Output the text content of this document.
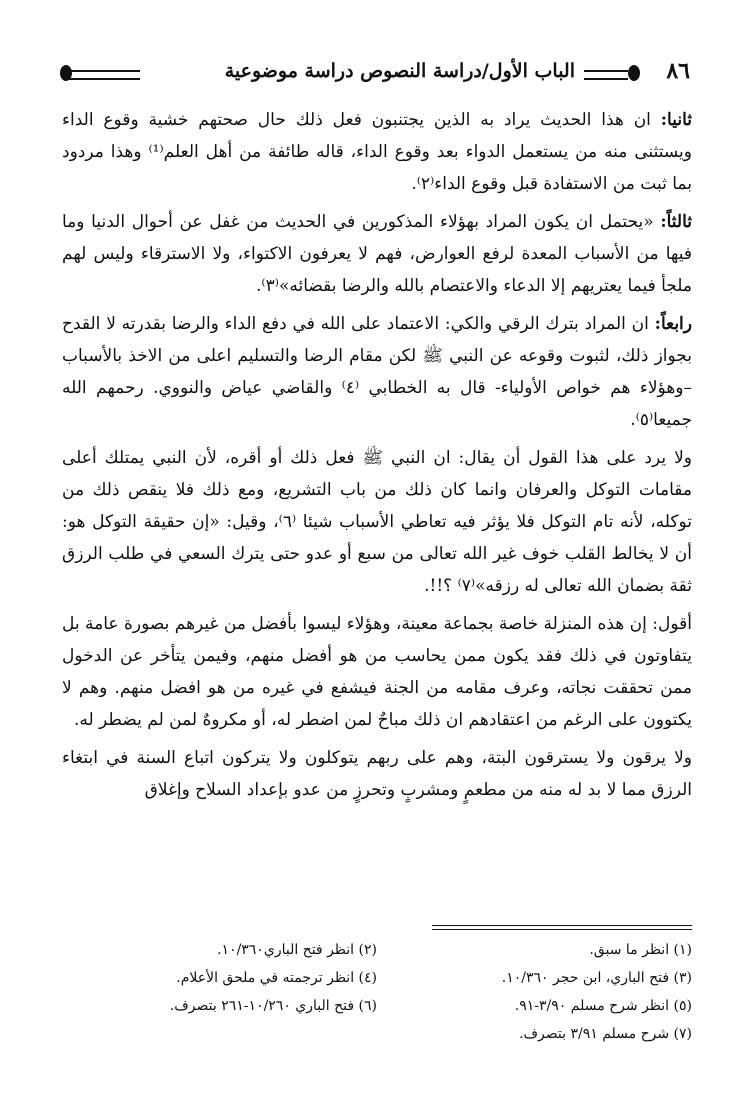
٨٦
الباب الأول/دراسة النصوص دراسة موضوعية

ثانيا: ان هذا الحديث يراد به الذين يجتنبون فعل ذلك حال صحتهم خشية وقوع الداء ويستثنى منه من يستعمل الدواء بعد وقوع الداء، قاله طائفة من أهل العلم⁽¹⁾ وهذا مردود بما ثبت من الاستفادة قبل وقوع الداء⁽٢⁾.

ثالثاً: «يحتمل ان يكون المراد بهؤلاء المذكورين في الحديث من غفل عن أحوال الدنيا وما فيها من الأسباب المعدة لرفع العوارض، فهم لا يعرفون الاكتواء، ولا الاسترقاء وليس لهم ملجأ فيما يعتريهم إلا الدعاء والاعتصام بالله والرضا بقضائه»⁽٣⁾.

رابعاً: ان المراد بترك الرقي والكي: الاعتماد على الله في دفع الداء والرضا بقدرته لا القدح بجواز ذلك، لثبوت وقوعه عن النبي ﷺ لكن مقام الرضا والتسليم اعلى من الاخذ بالأسباب –وهؤلاء هم خواص الأولياء- قال به الخطابي ⁽٤⁾ والقاضي عياض والنووي. رحمهم الله جميعا⁽٥⁾.

ولا يرد على هذا القول أن يقال: ان النبي ﷺ فعل ذلك أو أقره، لأن النبي يمتلك أعلى مقامات التوكل والعرفان وانما كان ذلك من باب التشريع، ومع ذلك فلا ينقص ذلك من توكله، لأنه تام التوكل فلا يؤثر فيه تعاطي الأسباب شيئا ⁽٦⁾، وقيل: «إن حقيقة التوكل هو: أن لا يخالط القلب خوف غير الله تعالى من سبع أو عدو حتى يترك السعي في طلب الرزق ثقة بضمان الله تعالى له رزقه»⁽٧⁾ ؟!!.

أقول: إن هذه المنزلة خاصة بجماعة معينة، وهؤلاء ليسوا بأفضل من غيرهم بصورة عامة بل يتفاوتون في ذلك فقد يكون ممن يحاسب من هو أفضل منهم، وفيمن يتأخر عن الدخول ممن تحققت نجاته، وعرف مقامه من الجنة فيشفع في غيره من هو افضل منهم. وهم لا يكتوون على الرغم من اعتقادهم ان ذلك مباحٌ لمن اضطر له، أو مكروهٌ لمن لم يضطر له.

ولا يرقون ولا يسترقون البتة، وهم على ربهم يتوكلون ولا يتركون اتباع السنة في ابتغاء الرزق مما لا بد له منه من مطعمٍ ومشربٍ وتحرزٍ من عدو بإعداد السلاح وإغلاق

(١) انظر ما سبق.
(٢) انظر فتح الباري١٠/٣٦٠.
(٣) فتح الباري، ابن حجر ١٠/٣٦٠.
(٤) انظر ترجمته في ملحق الأعلام.
(٥) انظر شرح مسلم ٣/٩٠-٩١.
(٦) فتح الباري ١٠/٢٦٠-٢٦١ بتصرف.
(٧) شرح مسلم ٣/٩١ بتصرف.
